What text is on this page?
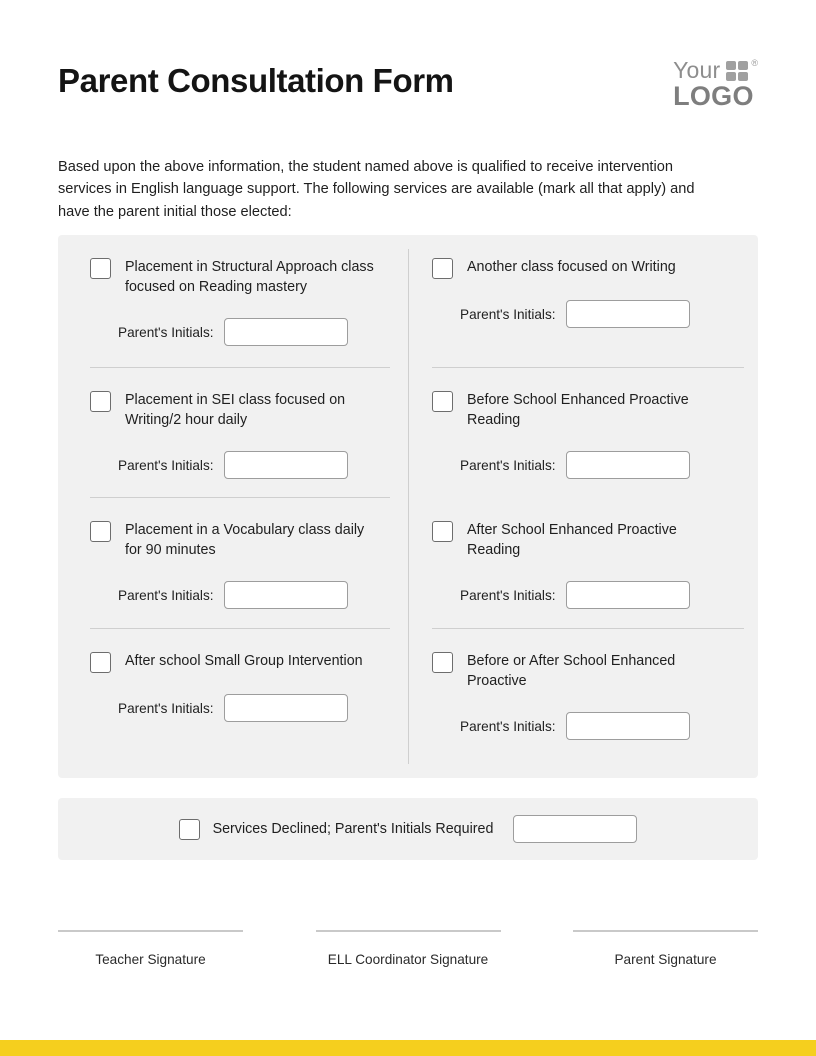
Parent Consultation Form	Your	®
LOGO

Based upon the above information, the student named above is qualified to receive intervention services in English language support. The following services are available (mark all that apply) and have the parent initial those elected:

Placement in Structural Approach class focused on Reading mastery
Parent's Initials:
Another class focused on Writing
Parent's Initials:
Placement in SEI class focused on Writing/2 hour daily
Parent's Initials:
Before School Enhanced Proactive Reading
Parent's Initials:
Placement in a Vocabulary class daily for 90 minutes
Parent's Initials:
After School Enhanced Proactive Reading
Parent's Initials:
After school Small Group Intervention
Parent's Initials:
Before or After School Enhanced Proactive
Parent's Initials:
Services Declined; Parent's Initials Required
Teacher Signature	ELL Coordinator Signature	Parent Signature
